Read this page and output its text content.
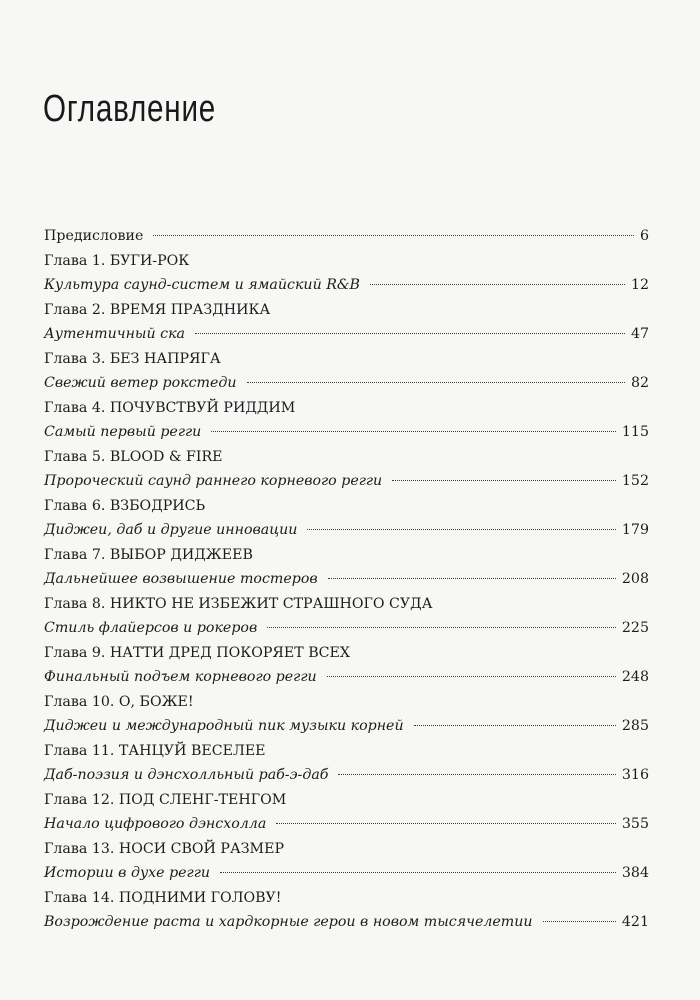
Оглавление
Предисловие	6
Глава 1. БУГИ-РОК
Культура саунд-систем и ямайский R&B	12
Глава 2. ВРЕМЯ ПРАЗДНИКА
Аутентичный ска	47
Глава 3. БЕЗ НАПРЯГА
Свежий ветер рокстеди	82
Глава 4. ПОЧУВСТВУЙ РИДДИМ
Самый первый регги	115
Глава 5. BLOOD & FIRE
Пророческий саунд раннего корневого регги	152
Глава 6. ВЗБОДРИСЬ
Диджеи, даб и другие инновации	179
Глава 7. ВЫБОР ДИДЖЕЕВ
Дальнейшее возвышение тостеров	208
Глава 8. НИКТО НЕ ИЗБЕЖИТ СТРАШНОГО СУДА
Стиль флайерсов и рокеров	225
Глава 9. НАТТИ ДРЕД ПОКОРЯЕТ ВСЕХ
Финальный подъем корневого регги	248
Глава 10. О, БОЖЕ!
Диджеи и международный пик музыки корней	285
Глава 11. ТАНЦУЙ ВЕСЕЛЕЕ
Даб-поэзия и дэнсхолльный раб-э-даб	316
Глава 12. ПОД СЛЕНГ-ТЕНГОМ
Начало цифрового дэнсхолла	355
Глава 13. НОСИ СВОЙ РАЗМЕР
Истории в духе регги	384
Глава 14. ПОДНИМИ ГОЛОВУ!
Возрождение раста и хардкорные герои в новом тысячелетии	421
